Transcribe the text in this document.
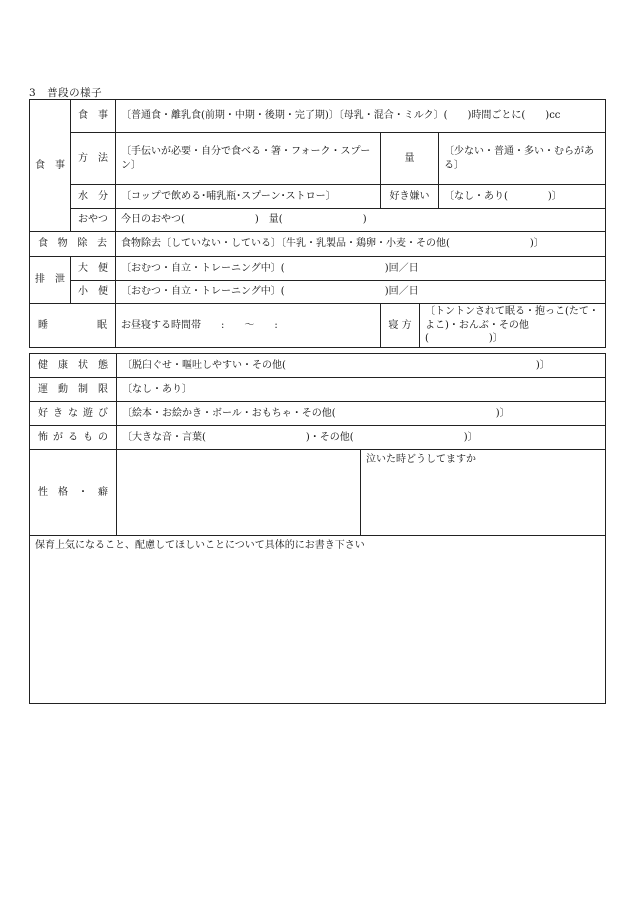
3　普段の様子
食　事	食　事	〔普通食・離乳食(前期・中期・後期・完了期)〕〔母乳・混合・ミルク〕(　　)時間ごとに(　　)cc			
	方　法	〔手伝いが必要・自分で食べる・箸・フォーク・スプーン〕	量		〔少ない・普通・多い・むらがある〕
	水　分	〔コップで飲める･哺乳瓶･スプーン･ストロー〕	好き嫌い		〔なし・あり(　　　　)〕
	おやつ	今日のおやつ(　　　　　　　)　量(　　　　　　　　)			

食物除去		食物除去〔していない・している〕〔牛乳・乳製品・鶏卵・小麦・その他(　　　　　　　　)〕			
排　泄	大　便	〔おむつ・自立・トレーニング中〕(　　　　　　　　　　)回／日			
	小　便	〔おむつ・自立・トレーニング中〕(　　　　　　　　　　)回／日			
睡眠		お昼寝する時間帯　　:　　〜　　:	寝 方	〔トントンされて眠る・抱っこ(たて・よこ)・おんぶ・その他(　　　　　　)〕	
健康状態	〔脱臼ぐせ・嘔吐しやすい・その他(　　　　　　　　　　　　　　　　　　　　　　　　　)〕	
運動制限	〔なし・あり〕	
好きな遊び	〔絵本・お絵かき・ボール・おもちゃ・その他(　　　　　　　　　　　　　　　　)〕	
怖がるもの	〔大きな音・言葉(　　　　　　　　　　)・その他(　　　　　　　　　　　)〕	
性格・癖		泣いた時どうしてますか
保育上気になること、配慮してほしいことについて具体的にお書き下さい		
